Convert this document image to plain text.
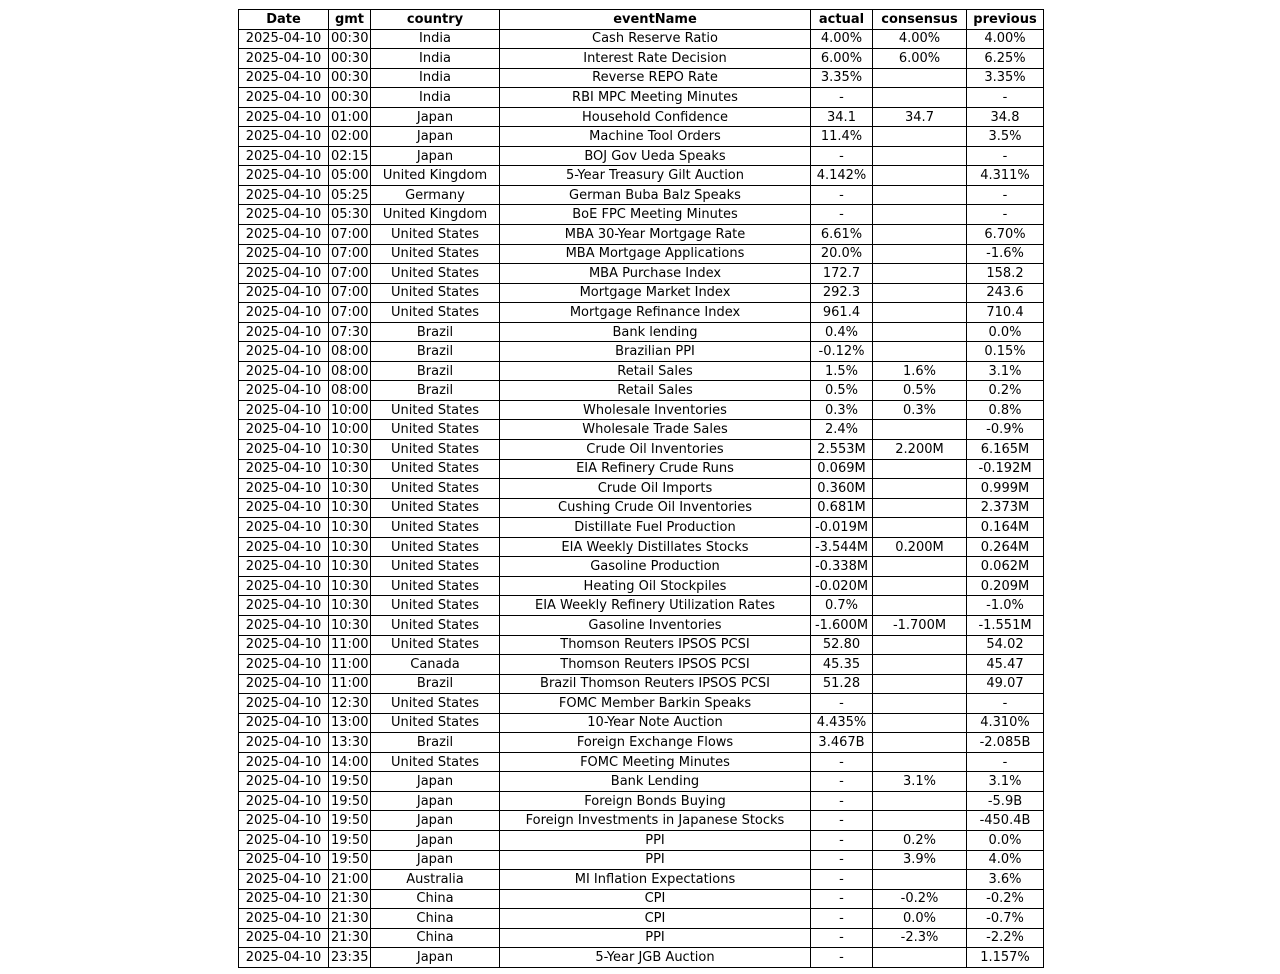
Date	gmt	country	eventName	actual	consensus	previous
2025-04-10	00:30	India	Cash Reserve Ratio	4.00%	4.00%	4.00%
2025-04-10	00:30	India	Interest Rate Decision	6.00%	6.00%	6.25%
2025-04-10	00:30	India	Reverse REPO Rate	3.35%		3.35%
2025-04-10	00:30	India	RBI MPC Meeting Minutes	-		-
2025-04-10	01:00	Japan	Household Confidence	34.1	34.7	34.8
2025-04-10	02:00	Japan	Machine Tool Orders	11.4%		3.5%
2025-04-10	02:15	Japan	BOJ Gov Ueda Speaks	-		-
2025-04-10	05:00	United Kingdom	5-Year Treasury Gilt Auction	4.142%		4.311%
2025-04-10	05:25	Germany	German Buba Balz Speaks	-		-
2025-04-10	05:30	United Kingdom	BoE FPC Meeting Minutes	-		-
2025-04-10	07:00	United States	MBA 30-Year Mortgage Rate	6.61%		6.70%
2025-04-10	07:00	United States	MBA Mortgage Applications	20.0%		-1.6%
2025-04-10	07:00	United States	MBA Purchase Index	172.7		158.2
2025-04-10	07:00	United States	Mortgage Market Index	292.3		243.6
2025-04-10	07:00	United States	Mortgage Refinance Index	961.4		710.4
2025-04-10	07:30	Brazil	Bank lending	0.4%		0.0%
2025-04-10	08:00	Brazil	Brazilian PPI	-0.12%		0.15%
2025-04-10	08:00	Brazil	Retail Sales	1.5%	1.6%	3.1%
2025-04-10	08:00	Brazil	Retail Sales	0.5%	0.5%	0.2%
2025-04-10	10:00	United States	Wholesale Inventories	0.3%	0.3%	0.8%
2025-04-10	10:00	United States	Wholesale Trade Sales	2.4%		-0.9%
2025-04-10	10:30	United States	Crude Oil Inventories	2.553M	2.200M	6.165M
2025-04-10	10:30	United States	EIA Refinery Crude Runs	0.069M		-0.192M
2025-04-10	10:30	United States	Crude Oil Imports	0.360M		0.999M
2025-04-10	10:30	United States	Cushing Crude Oil Inventories	0.681M		2.373M
2025-04-10	10:30	United States	Distillate Fuel Production	-0.019M		0.164M
2025-04-10	10:30	United States	EIA Weekly Distillates Stocks	-3.544M	0.200M	0.264M
2025-04-10	10:30	United States	Gasoline Production	-0.338M		0.062M
2025-04-10	10:30	United States	Heating Oil Stockpiles	-0.020M		0.209M
2025-04-10	10:30	United States	EIA Weekly Refinery Utilization Rates	0.7%		-1.0%
2025-04-10	10:30	United States	Gasoline Inventories	-1.600M	-1.700M	-1.551M
2025-04-10	11:00	United States	Thomson Reuters IPSOS PCSI	52.80		54.02
2025-04-10	11:00	Canada	Thomson Reuters IPSOS PCSI	45.35		45.47
2025-04-10	11:00	Brazil	Brazil Thomson Reuters IPSOS PCSI	51.28		49.07
2025-04-10	12:30	United States	FOMC Member Barkin Speaks	-		-
2025-04-10	13:00	United States	10-Year Note Auction	4.435%		4.310%
2025-04-10	13:30	Brazil	Foreign Exchange Flows	3.467B		-2.085B
2025-04-10	14:00	United States	FOMC Meeting Minutes	-		-
2025-04-10	19:50	Japan	Bank Lending	-	3.1%	3.1%
2025-04-10	19:50	Japan	Foreign Bonds Buying	-		-5.9B
2025-04-10	19:50	Japan	Foreign Investments in Japanese Stocks	-		-450.4B
2025-04-10	19:50	Japan	PPI	-	0.2%	0.0%
2025-04-10	19:50	Japan	PPI	-	3.9%	4.0%
2025-04-10	21:00	Australia	MI Inflation Expectations	-		3.6%
2025-04-10	21:30	China	CPI	-	-0.2%	-0.2%
2025-04-10	21:30	China	CPI	-	0.0%	-0.7%
2025-04-10	21:30	China	PPI	-	-2.3%	-2.2%
2025-04-10	23:35	Japan	5-Year JGB Auction	-		1.157%
